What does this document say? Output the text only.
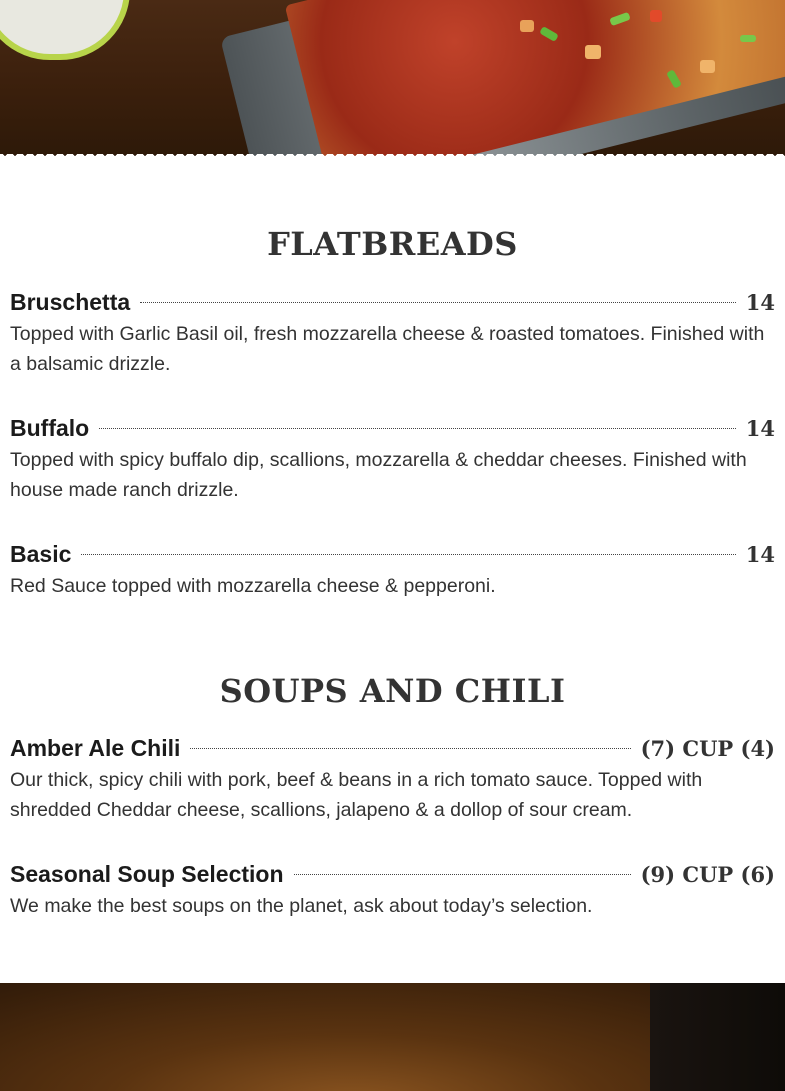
FLATBREADS
Bruschetta	14

Topped with Garlic Basil oil, fresh mozzarella cheese & roasted tomatoes. Finished with a balsamic drizzle.

Buffalo	14

Topped with spicy buffalo dip, scallions, mozzarella & cheddar cheeses. Finished with house made ranch drizzle.

Basic	14

Red Sauce topped with mozzarella cheese & pepperoni.

SOUPS AND CHILI
Amber Ale Chili	(7) CUP (4)

Our thick, spicy chili with pork, beef & beans in a rich tomato sauce. Topped with shredded Cheddar cheese, scallions, jalapeno & a dollop of sour cream.

Seasonal Soup Selection	(9) CUP (6)

We make the best soups on the planet, ask about today’s selection.
